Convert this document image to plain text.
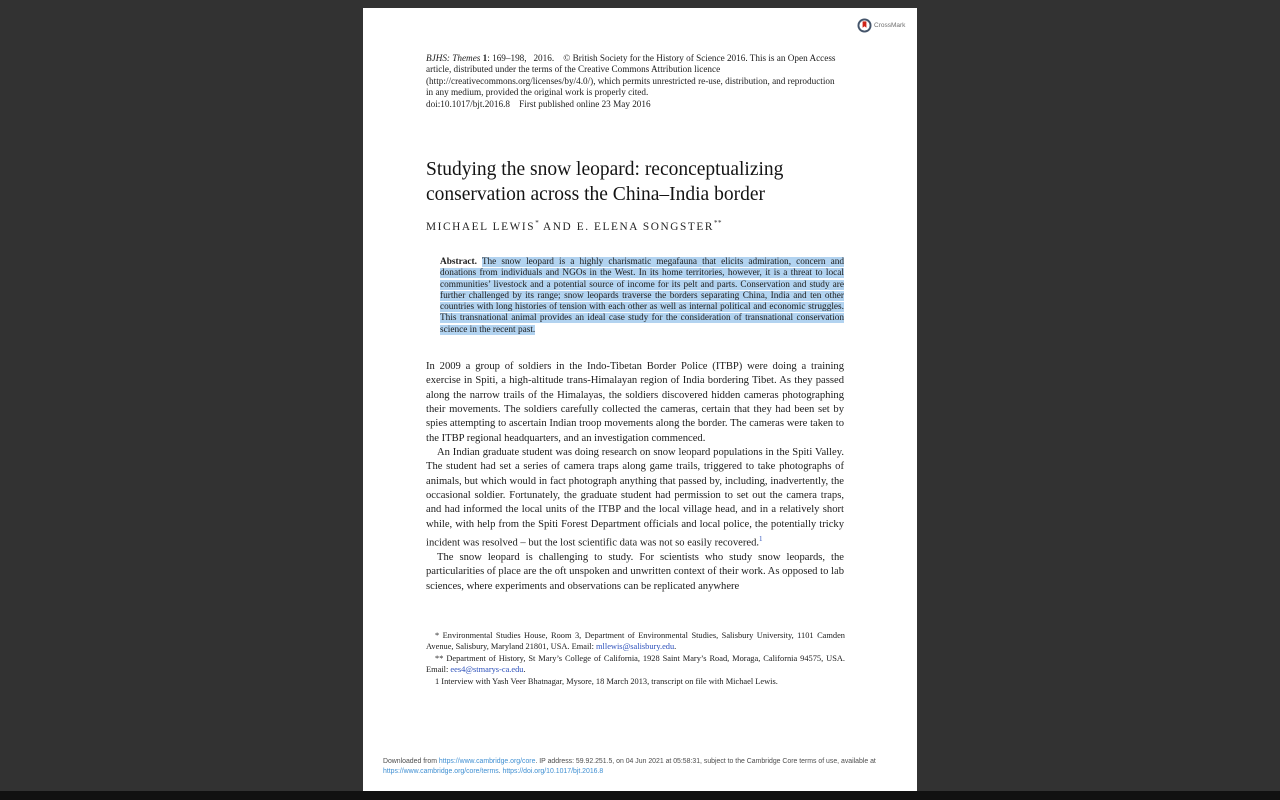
CrossMark
BJHS: Themes 1: 169–198,  2016.  © British Society for the History of Science 2016. This is an Open Access article, distributed under the terms of the Creative Commons Attribution licence (http://creativecommons.org/licenses/by/4.0/), which permits unrestricted re-use, distribution, and reproduction in any medium, provided the original work is properly cited.
doi:10.1017/bjt.2016.8  First published online 23 May 2016
Studying the snow leopard: reconceptualizing conservation across the China–India border
MICHAEL LEWIS* AND E. ELENA SONGSTER**
Abstract. The snow leopard is a highly charismatic megafauna that elicits admiration, concern and donations from individuals and NGOs in the West. In its home territories, however, it is a threat to local communities’ livestock and a potential source of income for its pelt and parts. Conservation and study are further challenged by its range; snow leopards traverse the borders separating China, India and ten other countries with long histories of tension with each other as well as internal political and economic struggles. This transnational animal provides an ideal case study for the consideration of transnational conservation science in the recent past.

In 2009 a group of soldiers in the Indo-Tibetan Border Police (ITBP) were doing a training exercise in Spiti, a high-altitude trans-Himalayan region of India bordering Tibet. As they passed along the narrow trails of the Himalayas, the soldiers discovered hidden cameras photographing their movements. The soldiers carefully collected the cameras, certain that they had been set by spies attempting to ascertain Indian troop movements along the border. The cameras were taken to the ITBP regional headquarters, and an investigation commenced.

An Indian graduate student was doing research on snow leopard populations in the Spiti Valley. The student had set a series of camera traps along game trails, triggered to take photographs of animals, but which would in fact photograph anything that passed by, including, inadvertently, the occasional soldier. Fortunately, the graduate student had permission to set out the camera traps, and had informed the local units of the ITBP and the local village head, and in a relatively short while, with help from the Spiti Forest Department officials and local police, the potentially tricky incident was resolved – but the lost scientific data was not so easily recovered.$^1$

The snow leopard is challenging to study. For scientists who study snow leopards, the particularities of place are the oft unspoken and unwritten context of their work. As opposed to lab sciences, where experiments and observations can be replicated anywhere

* Environmental Studies House, Room 3, Department of Environmental Studies, Salisbury University, 1101 Camden Avenue, Salisbury, Maryland 21801, USA. Email: mllewis@salisbury.edu.

** Department of History, St Mary’s College of California, 1928 Saint Mary’s Road, Moraga, California 94575, USA. Email: ees4@stmarys-ca.edu.

1 Interview with Yash Veer Bhatnagar, Mysore, 18 March 2013, transcript on file with Michael Lewis.

Downloaded from https://www.cambridge.org/core. IP address: 59.92.251.5, on 04 Jun 2021 at 05:58:31, subject to the Cambridge Core terms of use, available at https://www.cambridge.org/core/terms. https://doi.org/10.1017/bjt.2016.8
